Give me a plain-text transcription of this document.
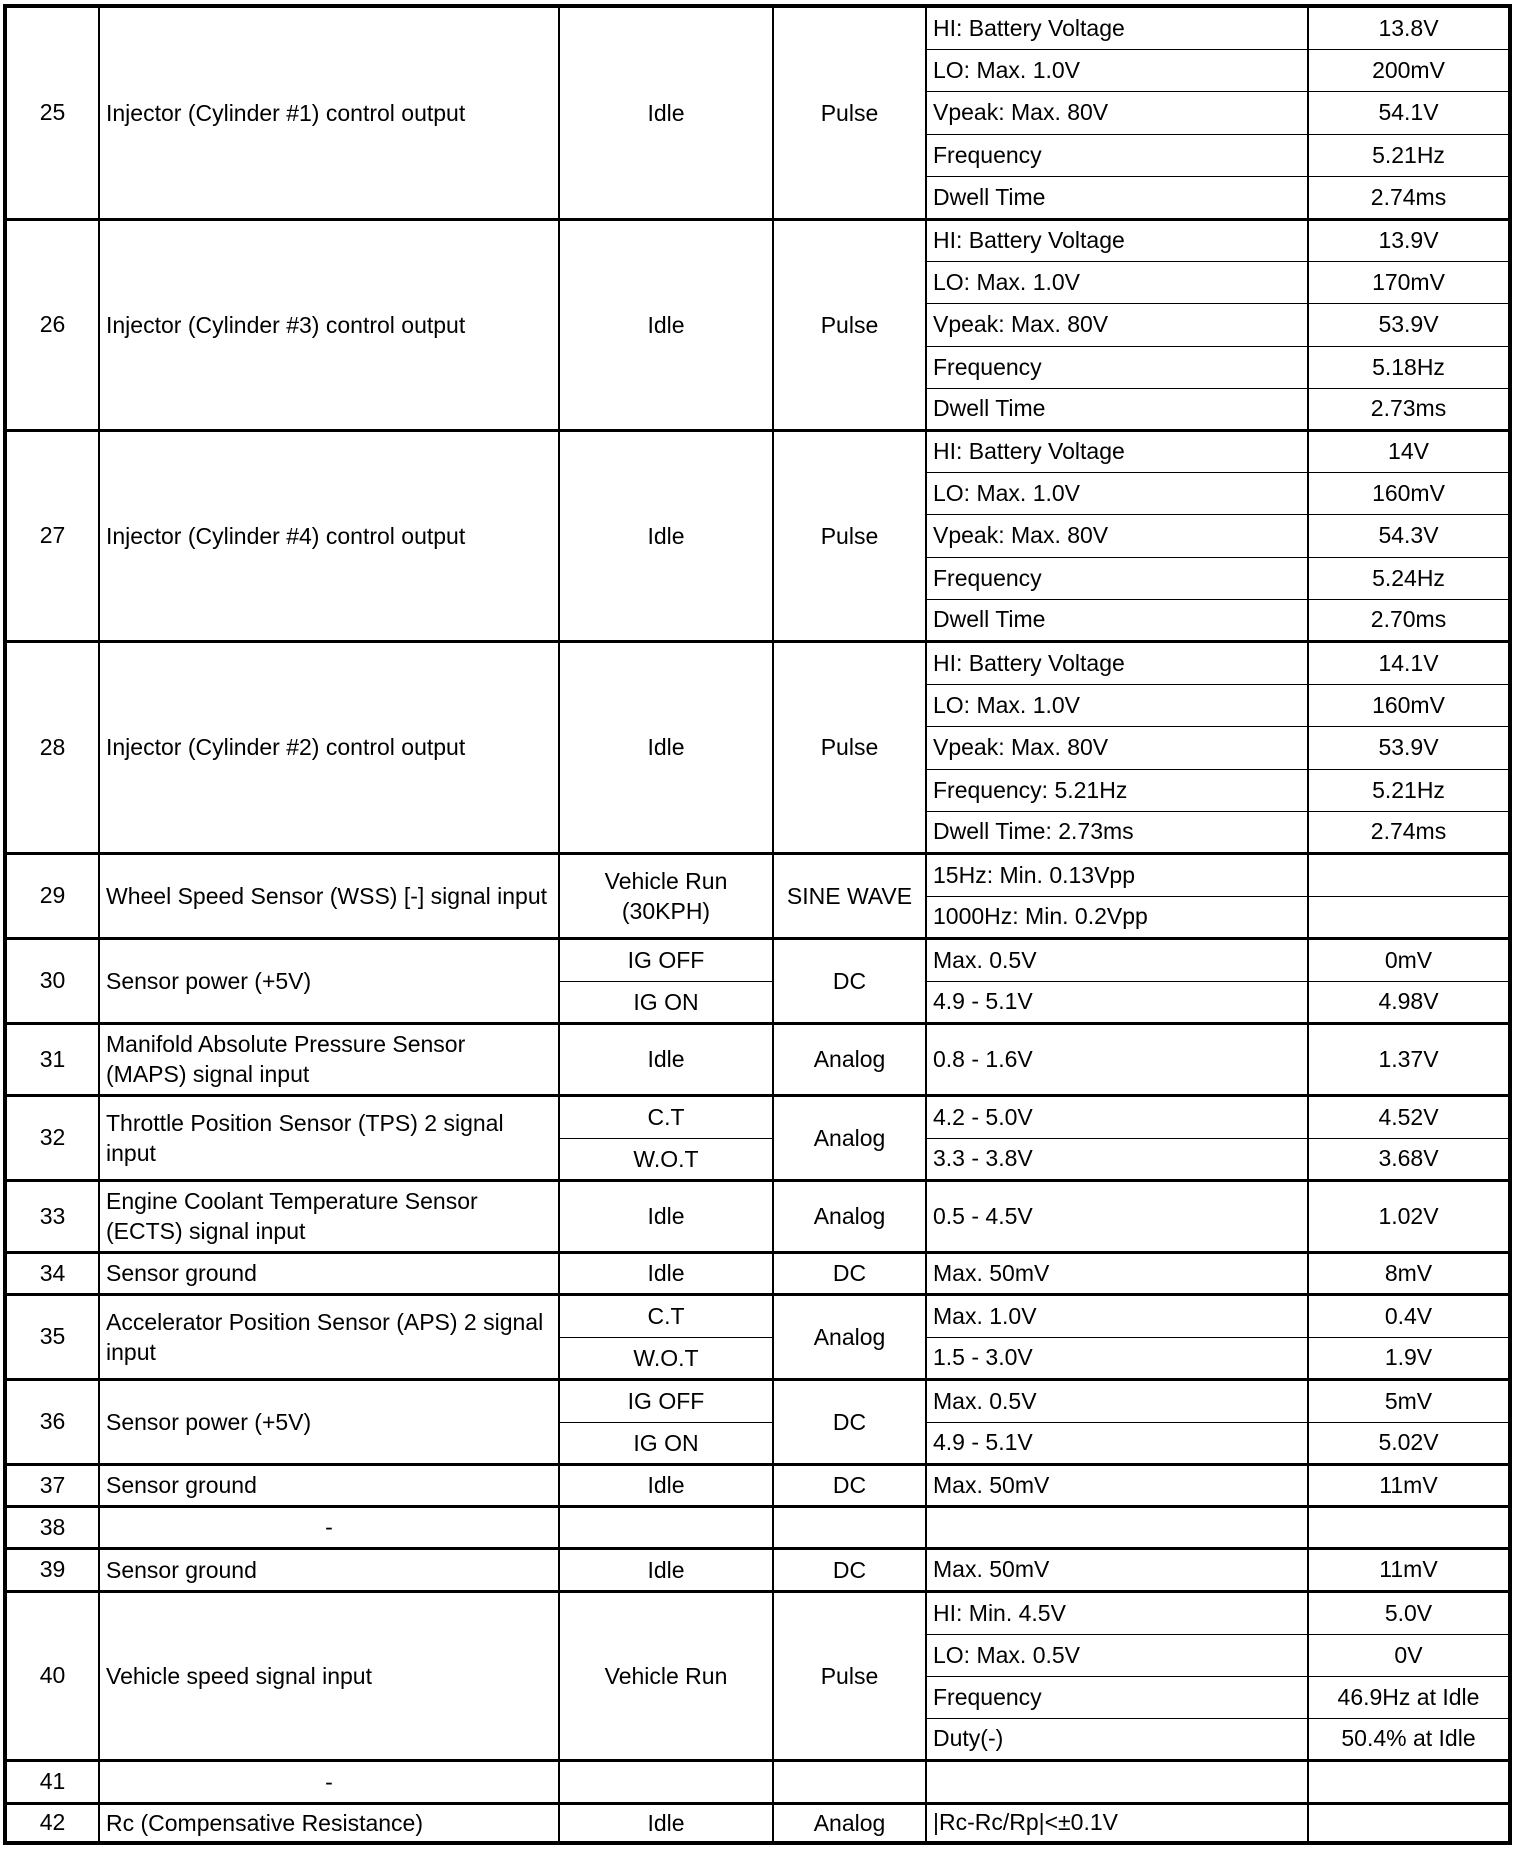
25	Injector (Cylinder #1) control output	Idle	Pulse	HI: Battery Voltage	13.8V
				LO: Max. 1.0V	200mV
				Vpeak: Max. 80V	54.1V
				Frequency	5.21Hz
				Dwell Time	2.74ms
26	Injector (Cylinder #3) control output	Idle	Pulse	HI: Battery Voltage	13.9V
				LO: Max. 1.0V	170mV
				Vpeak: Max. 80V	53.9V
				Frequency	5.18Hz
				Dwell Time	2.73ms
27	Injector (Cylinder #4) control output	Idle	Pulse	HI: Battery Voltage	14V
				LO: Max. 1.0V	160mV
				Vpeak: Max. 80V	54.3V
				Frequency	5.24Hz
				Dwell Time	2.70ms
28	Injector (Cylinder #2) control output	Idle	Pulse	HI: Battery Voltage	14.1V
				LO: Max. 1.0V	160mV
				Vpeak: Max. 80V	53.9V
				Frequency: 5.21Hz	5.21Hz
				Dwell Time: 2.73ms	2.74ms
29	Wheel Speed Sensor (WSS) [-] signal input	Vehicle Run (30KPH)	SINE WAVE	15Hz: Min. 0.13Vpp	
				1000Hz: Min. 0.2Vpp	
30	Sensor power (+5V)	IG OFF	DC	Max. 0.5V	0mV
		IG ON		4.9 - 5.1V	4.98V
31	Manifold Absolute Pressure Sensor (MAPS) signal input	Idle	Analog	0.8 - 1.6V	1.37V
32	Throttle Position Sensor (TPS) 2 signal input	C.T	Analog	4.2 - 5.0V	4.52V
		W.O.T		3.3 - 3.8V	3.68V
33	Engine Coolant Temperature Sensor (ECTS) signal input	Idle	Analog	0.5 - 4.5V	1.02V
34	Sensor ground	Idle	DC	Max. 50mV	8mV
35	Accelerator Position Sensor (APS) 2 signal input	C.T	Analog	Max. 1.0V	0.4V
		W.O.T		1.5 - 3.0V	1.9V
36	Sensor power (+5V)	IG OFF	DC	Max. 0.5V	5mV
		IG ON		4.9 - 5.1V	5.02V
37	Sensor ground	Idle	DC	Max. 50mV	11mV
38	-				
39	Sensor ground	Idle	DC	Max. 50mV	11mV
40	Vehicle speed signal input	Vehicle Run	Pulse	HI: Min. 4.5V	5.0V
				LO: Max. 0.5V	0V
				Frequency	46.9Hz at Idle
				Duty(-)	50.4% at Idle
41	-				
42	Rc (Compensative Resistance)	Idle	Analog	|Rc-Rc/Rp|<±0.1V	
